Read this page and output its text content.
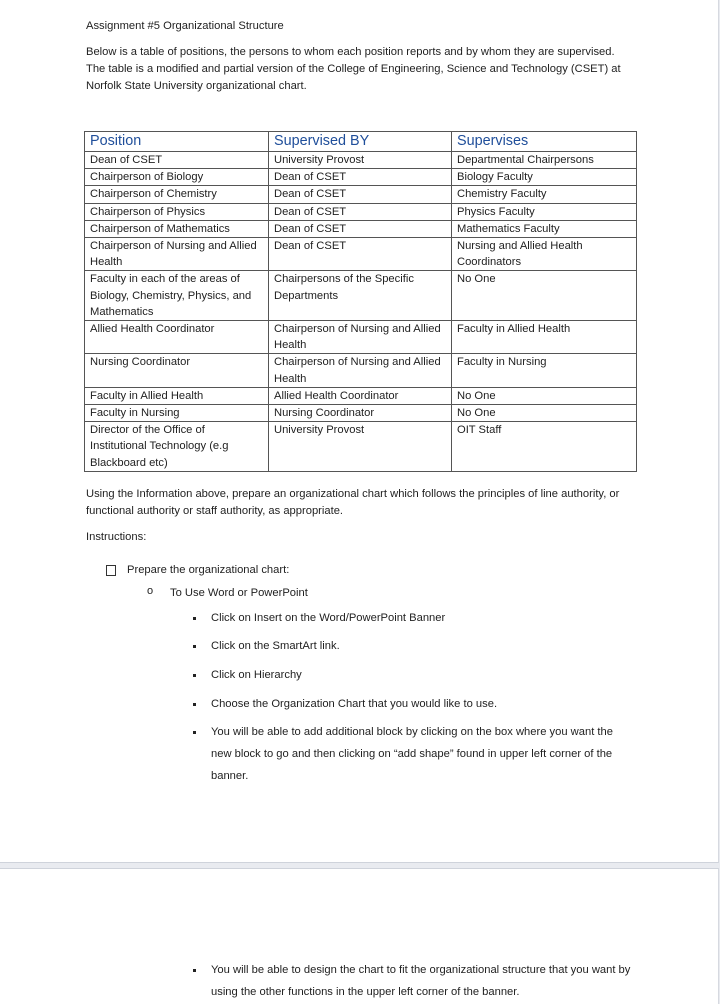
Assignment #5 Organizational Structure
Below is a table of positions, the persons to whom each position reports and by whom they are supervised. The table is a modified and partial version of the College of Engineering, Science and Technology (CSET) at Norfolk State University organizational chart.
Position	Supervised BY	Supervises
Dean of CSET	University Provost	Departmental Chairpersons
Chairperson of Biology	Dean of CSET	Biology Faculty
Chairperson of Chemistry	Dean of CSET	Chemistry Faculty
Chairperson of Physics	Dean of CSET	Physics Faculty
Chairperson of Mathematics	Dean of CSET	Mathematics Faculty
Chairperson of Nursing and Allied Health	Dean of CSET	Nursing and Allied Health Coordinators
Faculty in each of the areas of Biology, Chemistry, Physics, and Mathematics	Chairpersons of the Specific Departments	No One
Allied Health Coordinator	Chairperson of Nursing and Allied Health	Faculty in Allied Health
Nursing Coordinator	Chairperson of Nursing and Allied Health	Faculty in Nursing
Faculty in Allied Health	Allied Health Coordinator	No One
Faculty in Nursing	Nursing Coordinator	No One
Director of the Office of Institutional Technology (e.g Blackboard etc)	University Provost	OIT Staff
Using the Information above, prepare an organizational chart which follows the principles of line authority, or functional authority or staff authority, as appropriate.
Instructions:
Prepare the organizational chart:
o To Use Word or PowerPoint
Click on Insert on the Word/PowerPoint Banner
Click on the SmartArt link.
Click on Hierarchy
Choose the Organization Chart that you would like to use.
You will be able to add additional block by clicking on the box where you want the new block to go and then clicking on “add shape” found in upper left corner of the banner.
You will be able to design the chart to fit the organizational structure that you want by using the other functions in the upper left corner of the banner.
